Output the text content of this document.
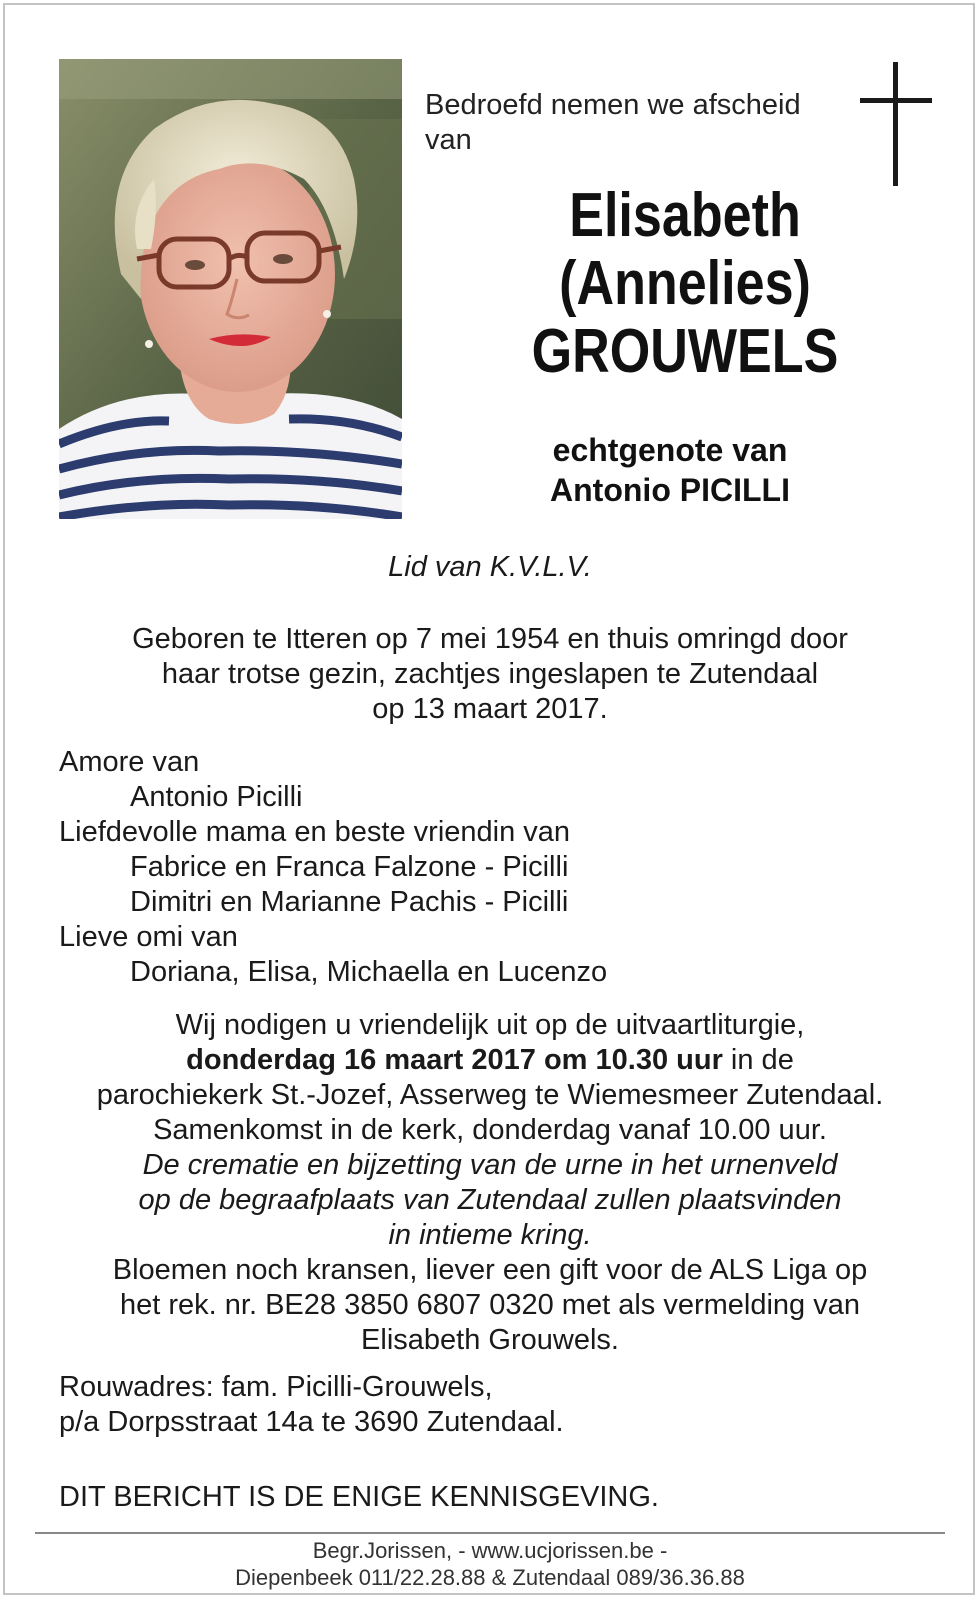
Bedroefd nemen we afscheid van
Elisabeth
(Annelies)
GROUWELS
echtgenote van
Antonio PICILLI
Lid van K.V.L.V.
Geboren te Itteren op 7 mei 1954 en thuis omringd door
haar trotse gezin, zachtjes ingeslapen te Zutendaal
op 13 maart 2017.
Amore van
Antonio Picilli
Liefdevolle mama en beste vriendin van
Fabrice en Franca Falzone - Picilli
Dimitri en Marianne Pachis - Picilli
Lieve omi van
Doriana, Elisa, Michaella en Lucenzo
Wij nodigen u vriendelijk uit op de uitvaartliturgie,
donderdag 16 maart 2017 om 10.30 uur in de
parochiekerk St.-Jozef, Asserweg te Wiemesmeer Zutendaal.
Samenkomst in de kerk, donderdag vanaf 10.00 uur.
De crematie en bijzetting van de urne in het urnenveld
op de begraafplaats van Zutendaal zullen plaatsvinden
in intieme kring.
Bloemen noch kransen, liever een gift voor de ALS Liga op
het rek. nr. BE28 3850 6807 0320 met als vermelding van
Elisabeth Grouwels.
Rouwadres: fam. Picilli-Grouwels,
p/a Dorpsstraat 14a te 3690 Zutendaal.
DIT BERICHT IS DE ENIGE KENNISGEVING.
Begr.Jorissen, - www.ucjorissen.be -
Diepenbeek 011/22.28.88 & Zutendaal 089/36.36.88
